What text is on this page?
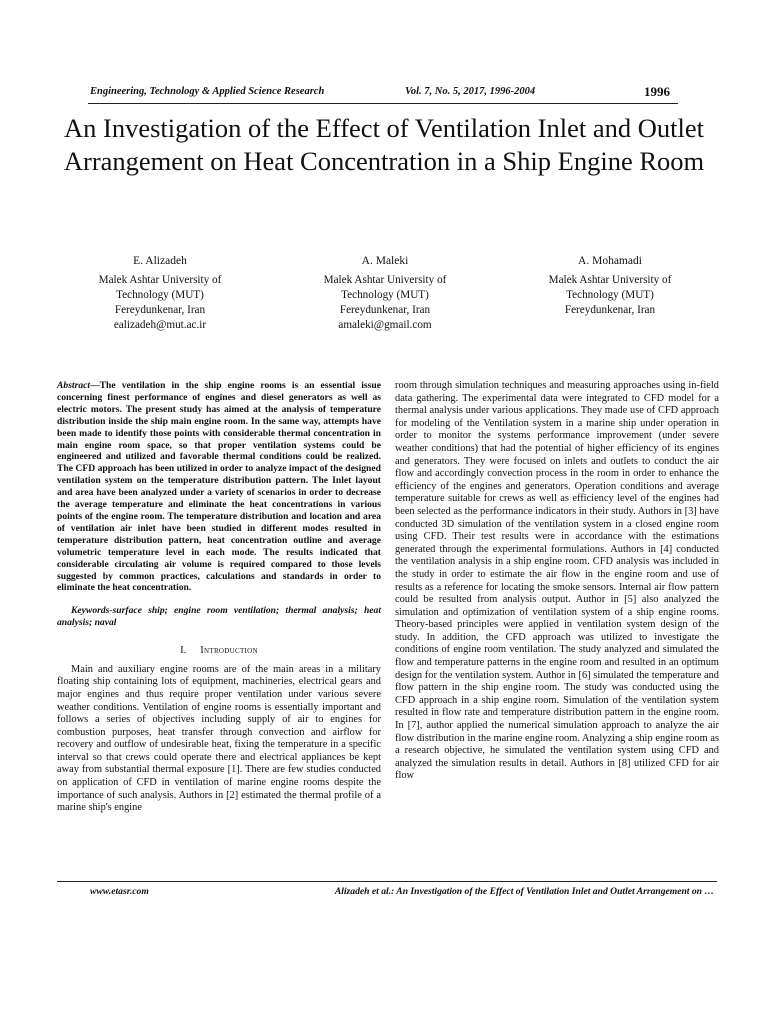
Engineering, Technology & Applied Science Research	Vol. 7, No. 5, 2017, 1996-2004	1996
An Investigation of the Effect of Ventilation Inlet and Outlet Arrangement on Heat Concentration in a Ship Engine Room
E. Alizadeh
Malek Ashtar University of
Technology (MUT)
Fereydunkenar, Iran
ealizadeh@mut.ac.ir
A. Maleki
Malek Ashtar University of
Technology (MUT)
Fereydunkenar, Iran
amaleki@gmail.com
A. Mohamadi
Malek Ashtar University of
Technology (MUT)
Fereydunkenar, Iran
Abstract—The ventilation in the ship engine rooms is an essential issue concerning finest performance of engines and diesel generators as well as electric motors. The present study has aimed at the analysis of temperature distribution inside the ship main engine room. In the same way, attempts have been made to identify those points with considerable thermal concentration in main engine room space, so that proper ventilation systems could be engineered and utilized and favorable thermal conditions could be realized. The CFD approach has been utilized in order to analyze impact of the designed ventilation system on the temperature distribution pattern. The Inlet layout and area have been analyzed under a variety of scenarios in order to decrease the average temperature and eliminate the heat concentrations in various points of the engine room. The temperature distribution and location and area of ventilation air inlet have been studied in different modes resulted in temperature distribution pattern, heat concentration outline and average volumetric temperature level in each mode. The results indicated that considerable circulating air volume is required compared to those levels suggested by common practices, calculations and standards in order to eliminate the heat concentration.
Keywords-surface ship; engine room ventilation; thermal analysis; heat analysis; naval
I. Introduction
Main and auxiliary engine rooms are of the main areas in a military floating ship containing lots of equipment, machineries, electrical gears and major engines and thus require proper ventilation under various severe weather conditions. Ventilation of engine rooms is essentially important and follows a series of objectives including supply of air to engines for combustion purposes, heat transfer through convection and airflow for recovery and outflow of undesirable heat, fixing the temperature in a specific interval so that crews could operate there and electrical appliances be kept away from substantial thermal exposure [1]. There are few studies conducted on application of CFD in ventilation of marine engine rooms despite the importance of such analysis. Authors in [2] estimated the thermal profile of a marine ship's engine
room through simulation techniques and measuring approaches using in-field data gathering. The experimental data were integrated to CFD model for a thermal analysis under various applications. They made use of CFD approach for modeling of the Ventilation system in a marine ship under operation in order to monitor the systems performance improvement (under severe weather conditions) that had the potential of higher efficiency of its engines and generators. They were focused on inlets and outlets to conduct the air flow and accordingly convection process in the room in order to enhance the efficiency of the engines and generators. Operation conditions and average temperature suitable for crews as well as efficiency level of the engines had been selected as the performance indicators in their study. Authors in [3] have conducted 3D simulation of the ventilation system in a closed engine room using CFD. Their test results were in accordance with the estimations generated through the experimental formulations. Authors in [4] conducted the ventilation analysis in a ship engine room. CFD analysis was included in the study in order to estimate the air flow in the engine room and use of results as a reference for locating the smoke sensors. Internal air flow pattern could be resulted from analysis output. Author in [5] also analyzed the simulation and optimization of ventilation system of a ship engine rooms. Theory-based principles were applied in ventilation system design of the study. In addition, the CFD approach was utilized to investigate the conditions of engine room ventilation. The study analyzed and simulated the flow and temperature patterns in the engine room and resulted in an optimum design for the ventilation system. Author in [6] simulated the temperature and flow pattern in the ship engine room. The study was conducted using the CFD approach in a ship engine room. Simulation of the ventilation system resulted in flow rate and temperature distribution pattern in the engine room. In [7], author applied the numerical simulation approach to analyze the air flow distribution in the marine engine room. Analyzing a ship engine room as a research objective, he simulated the ventilation system using CFD and analyzed the simulation results in detail. Authors in [8] utilized CFD for air flow
www.etasr.com	Alizadeh et al.: An Investigation of the Effect of Ventilation Inlet and Outlet Arrangement on …
